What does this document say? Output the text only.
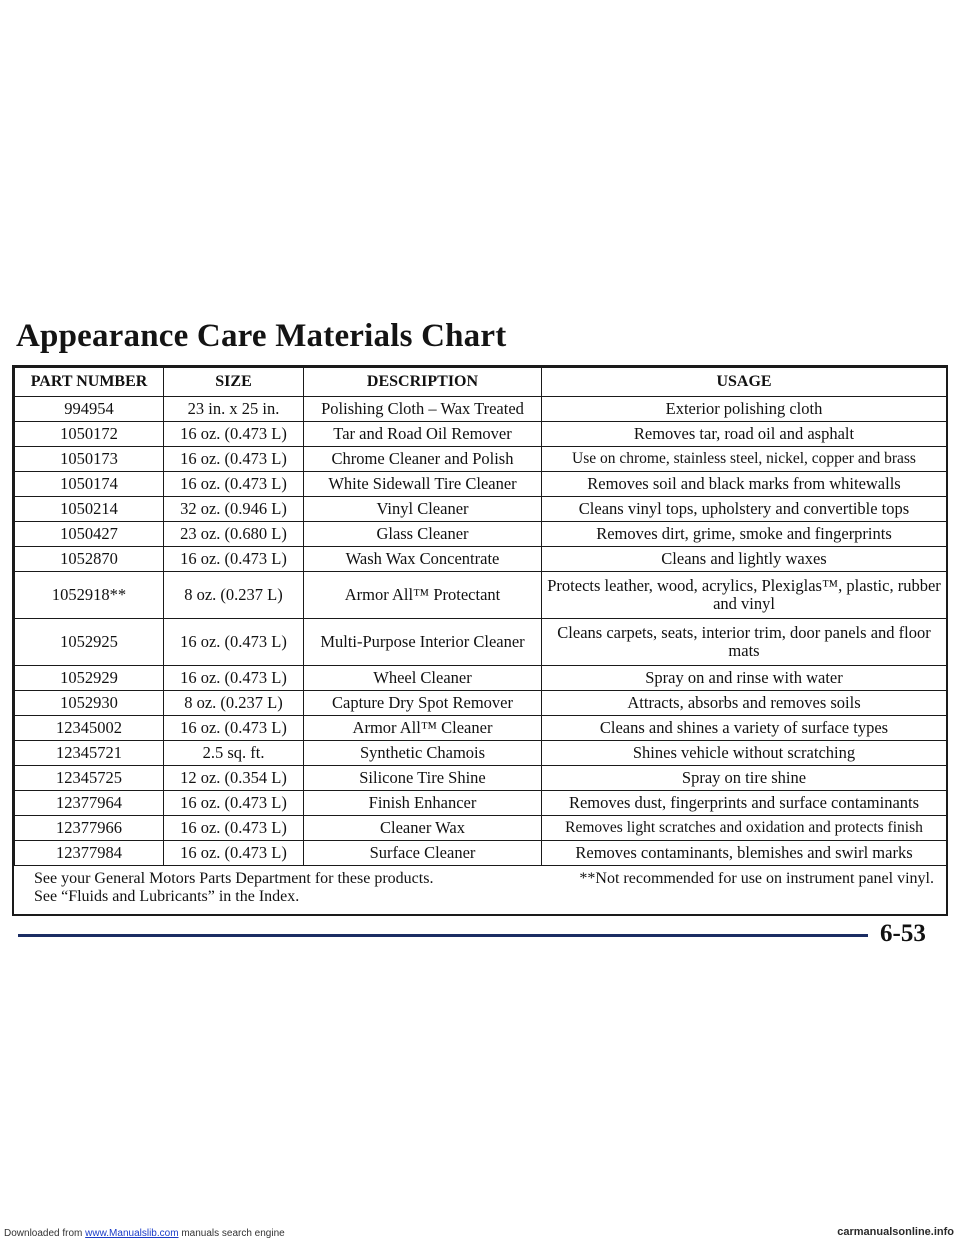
Appearance Care Materials Chart
PART NUMBER	SIZE	DESCRIPTION	USAGE
994954	23 in. x 25 in.	Polishing Cloth – Wax Treated	Exterior polishing cloth
1050172	16 oz. (0.473 L)	Tar and Road Oil Remover	Removes tar, road oil and asphalt
1050173	16 oz. (0.473 L)	Chrome Cleaner and Polish	Use on chrome, stainless steel, nickel, copper and brass
1050174	16 oz. (0.473 L)	White Sidewall Tire Cleaner	Removes soil and black marks from whitewalls
1050214	32 oz. (0.946 L)	Vinyl Cleaner	Cleans vinyl tops, upholstery and convertible tops
1050427	23 oz. (0.680 L)	Glass Cleaner	Removes dirt, grime, smoke and fingerprints
1052870	16 oz. (0.473 L)	Wash Wax Concentrate	Cleans and lightly waxes
1052918**	8 oz. (0.237 L)	Armor All™ Protectant	Protects leather, wood, acrylics, Plexiglas™, plastic, rubber and vinyl
1052925	16 oz. (0.473 L)	Multi-Purpose Interior Cleaner	Cleans carpets, seats, interior trim, door panels and floor mats
1052929	16 oz. (0.473 L)	Wheel Cleaner	Spray on and rinse with water
1052930	8 oz. (0.237 L)	Capture Dry Spot Remover	Attracts, absorbs and removes soils
12345002	16 oz. (0.473 L)	Armor All™ Cleaner	Cleans and shines a variety of surface types
12345721	2.5 sq. ft.	Synthetic Chamois	Shines vehicle without scratching
12345725	12 oz. (0.354 L)	Silicone Tire Shine	Spray on tire shine
12377964	16 oz. (0.473 L)	Finish Enhancer	Removes dust, fingerprints and surface contaminants
12377966	16 oz. (0.473 L)	Cleaner Wax	Removes light scratches and oxidation and protects finish
12377984	16 oz. (0.473 L)	Surface Cleaner	Removes contaminants, blemishes and swirl marks
See your General Motors Parts Department for these products.
See “Fluids and Lubricants” in the Index.
**Not recommended for use on instrument panel vinyl.
6-53
Downloaded from www.Manualslib.com manuals search engine	carmanualsonline.info
